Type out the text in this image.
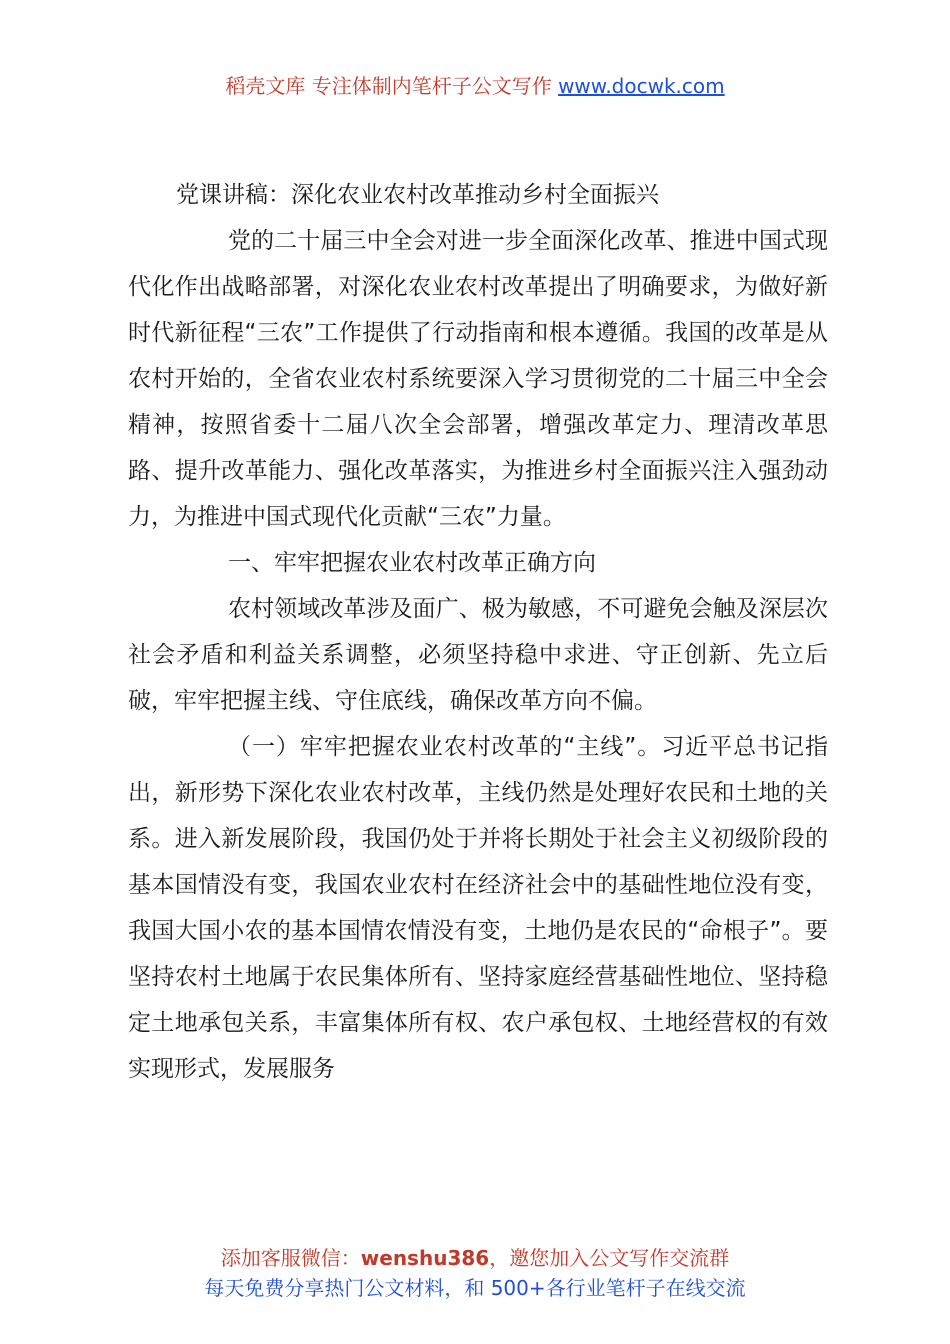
稻壳文库 专注体制内笔杆子公文写作 www.docwk.com

党课讲稿：深化农业农村改革推动乡村全面振兴

党的二十届三中全会对进一步全面深化改革、推进中国式现代化作出战略部署，对深化农业农村改革提出了明确要求，为做好新时代新征程“三农”工作提供了行动指南和根本遵循。我国的改革是从农村开始的，全省农业农村系统要深入学习贯彻党的二十届三中全会精神，按照省委十二届八次全会部署，增强改革定力、理清改革思路、提升改革能力、强化改革落实，为推进乡村全面振兴注入强劲动力，为推进中国式现代化贡献“三农”力量。

一、牢牢把握农业农村改革正确方向

农村领域改革涉及面广、极为敏感，不可避免会触及深层次社会矛盾和利益关系调整，必须坚持稳中求进、守正创新、先立后破，牢牢把握主线、守住底线，确保改革方向不偏。

（一）牢牢把握农业农村改革的“主线”。习近平总书记指出，新形势下深化农业农村改革，主线仍然是处理好农民和土地的关系。进入新发展阶段，我国仍处于并将长期处于社会主义初级阶段的基本国情没有变，我国农业农村在经济社会中的基础性地位没有变，我国大国小农的基本国情农情没有变，土地仍是农民的“命根子”。要坚持农村土地属于农民集体所有、坚持家庭经营基础性地位、坚持稳定土地承包关系，丰富集体所有权、农户承包权、土地经营权的有效实现形式，发展服务

添加客服微信：wenshu386，邀您加入公文写作交流群
每天免费分享热门公文材料，和 500+各行业笔杆子在线交流
